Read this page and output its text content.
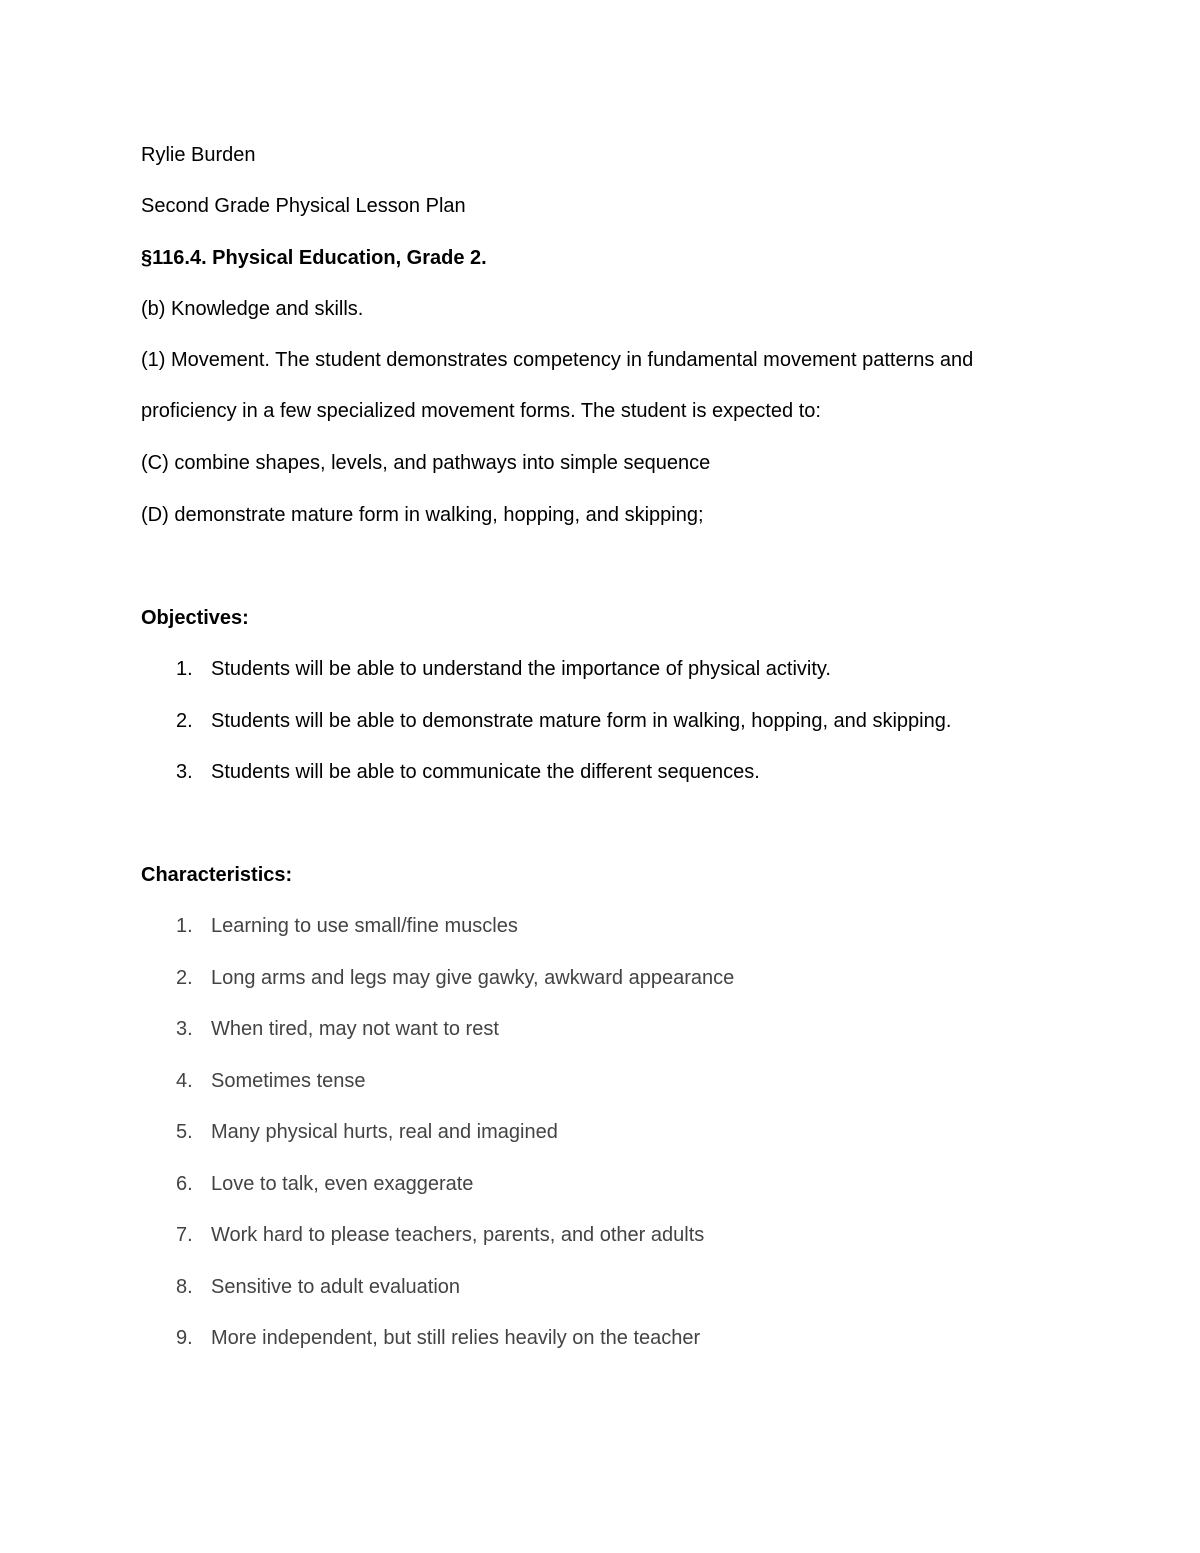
Rylie Burden
Second Grade Physical Lesson Plan
§116.4. Physical Education, Grade 2.
(b) Knowledge and skills.
(1) Movement. The student demonstrates competency in fundamental movement patterns and
proficiency in a few specialized movement forms. The student is expected to:
(C) combine shapes, levels, and pathways into simple sequence
(D) demonstrate mature form in walking, hopping, and skipping;
Objectives:
1. Students will be able to understand the importance of physical activity.
2. Students will be able to demonstrate mature form in walking, hopping, and skipping.
3. Students will be able to communicate the different sequences.
Characteristics:
1. Learning to use small/fine muscles
2. Long arms and legs may give gawky, awkward appearance
3. When tired, may not want to rest
4. Sometimes tense
5. Many physical hurts, real and imagined
6. Love to talk, even exaggerate
7. Work hard to please teachers, parents, and other adults
8. Sensitive to adult evaluation
9. More independent, but still relies heavily on the teacher
